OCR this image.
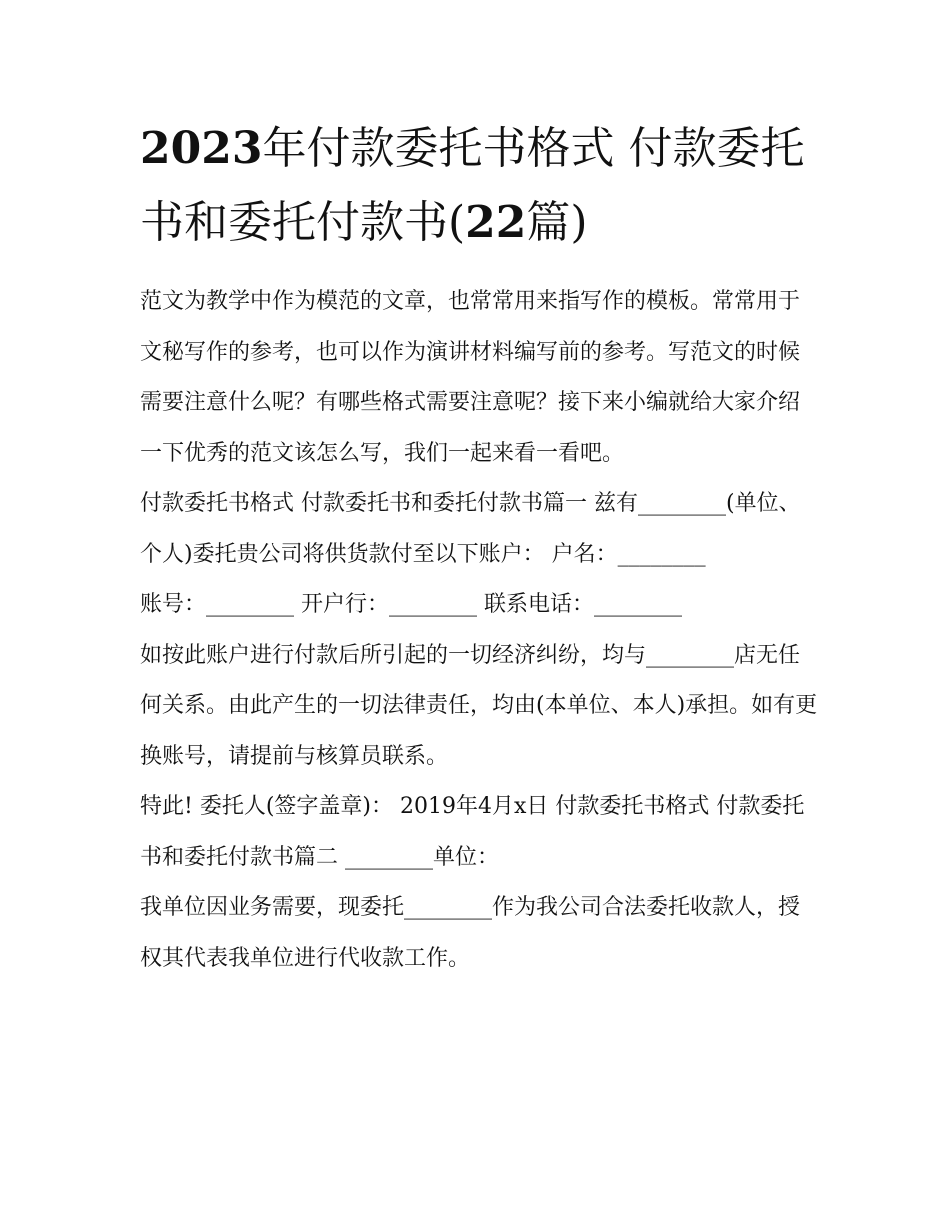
2023年付款委托书格式 付款委托书和委托付款书(22篇)

范文为教学中作为模范的文章，也常常用来指写作的模板。常常用于文秘写作的参考，也可以作为演讲材料编写前的参考。写范文的时候需要注意什么呢？有哪些格式需要注意呢？接下来小编就给大家介绍一下优秀的范文该怎么写，我们一起来看一看吧。

付款委托书格式 付款委托书和委托付款书篇一 兹有________(单位、个人)委托贵公司将供货款付至以下账户： 户名：________

账号：________ 开户行：________ 联系电话：________

如按此账户进行付款后所引起的一切经济纠纷，均与________店无任何关系。由此产生的一切法律责任，均由(本单位、本人)承担。如有更换账号，请提前与核算员联系。

特此! 委托人(签字盖章)： 2019年4月x日 付款委托书格式 付款委托书和委托付款书篇二 ________单位：

我单位因业务需要，现委托________作为我公司合法委托收款人，授权其代表我单位进行代收款工作。
